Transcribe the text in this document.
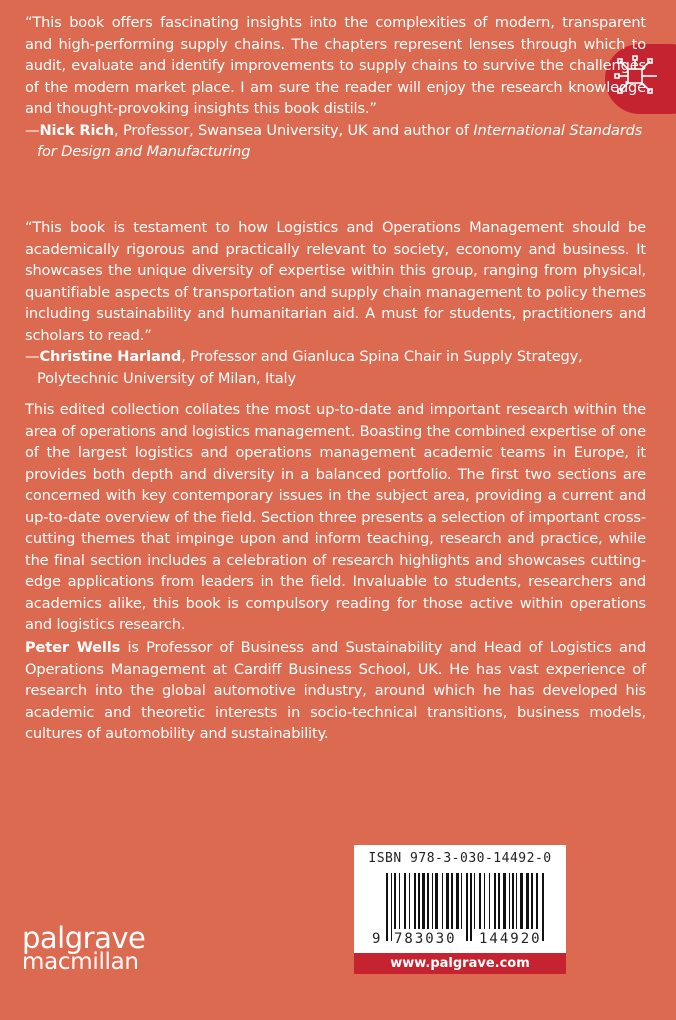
“This book offers fascinating insights into the complexities of modern, transparent and high-performing supply chains. The chapters represent lenses through which to audit, evaluate and identify improvements to supply chains to survive the challenges of the modern market place. I am sure the reader will enjoy the research knowledge and thought-provoking insights this book distils.”

—Nick Rich, Professor, Swansea University, UK and author of International Standards for Design and Manufacturing

“This book is testament to how Logistics and Operations Management should be academically rigorous and practically relevant to society, economy and business. It showcases the unique diversity of expertise within this group, ranging from physical, quantifiable aspects of transportation and supply chain management to policy themes including sustainability and humanitarian aid. A must for students, practitioners and scholars to read.”

—Christine Harland, Professor and Gianluca Spina Chair in Supply Strategy,
Polytechnic University of Milan, Italy

This edited collection collates the most up-to-date and important research within the area of operations and logistics management. Boasting the combined expertise of one of the largest logistics and operations management academic teams in Europe, it provides both depth and diversity in a balanced portfolio. The first two sections are concerned with key contemporary issues in the subject area, providing a current and up-to-date overview of the field. Section three presents a selection of important cross-cutting themes that impinge upon and inform teaching, research and practice, while the final section includes a celebration of research highlights and showcases cutting-edge applications from leaders in the field. Invaluable to students, researchers and academics alike, this book is compulsory reading for those active within operations and logistics research.

Peter Wells is Professor of Business and Sustainability and Head of Logistics and Operations Management at Cardiff Business School, UK. He has vast experience of research into the global automotive industry, around which he has developed his academic and theoretic interests in socio-technical transitions, business models, cultures of automobility and sustainability.

ISBN 978-3-030-14492-0
9 783030 144920
www.palgrave.com
palgrave
macmillan
